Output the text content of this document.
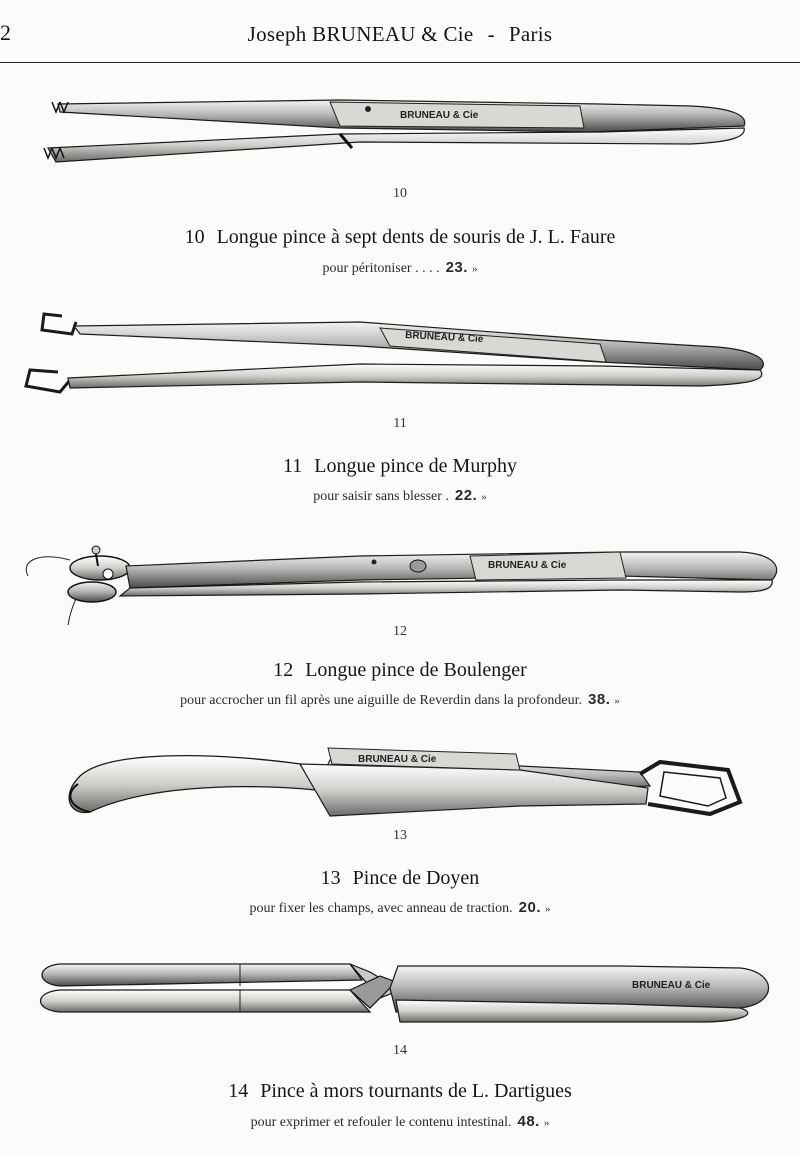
2	Joseph BRUNEAU & Cie - Paris
BRUNEAU & Cie
10
10 Longue pince à sept dents de souris de J. L. Faure
pour péritoniser . . . . 23. »
BRUNEAU & Cie
11
11 Longue pince de Murphy
pour saisir sans blesser . 22. »
BRUNEAU & Cie
12
12 Longue pince de Boulenger
pour accrocher un fil après une aiguille de Reverdin dans la profondeur. 38. »
BRUNEAU & Cie
13
13 Pince de Doyen
pour fixer les champs, avec anneau de traction. 20. »
BRUNEAU & Cie
14
14 Pince à mors tournants de L. Dartigues
pour exprimer et refouler le contenu intestinal. 48. »
